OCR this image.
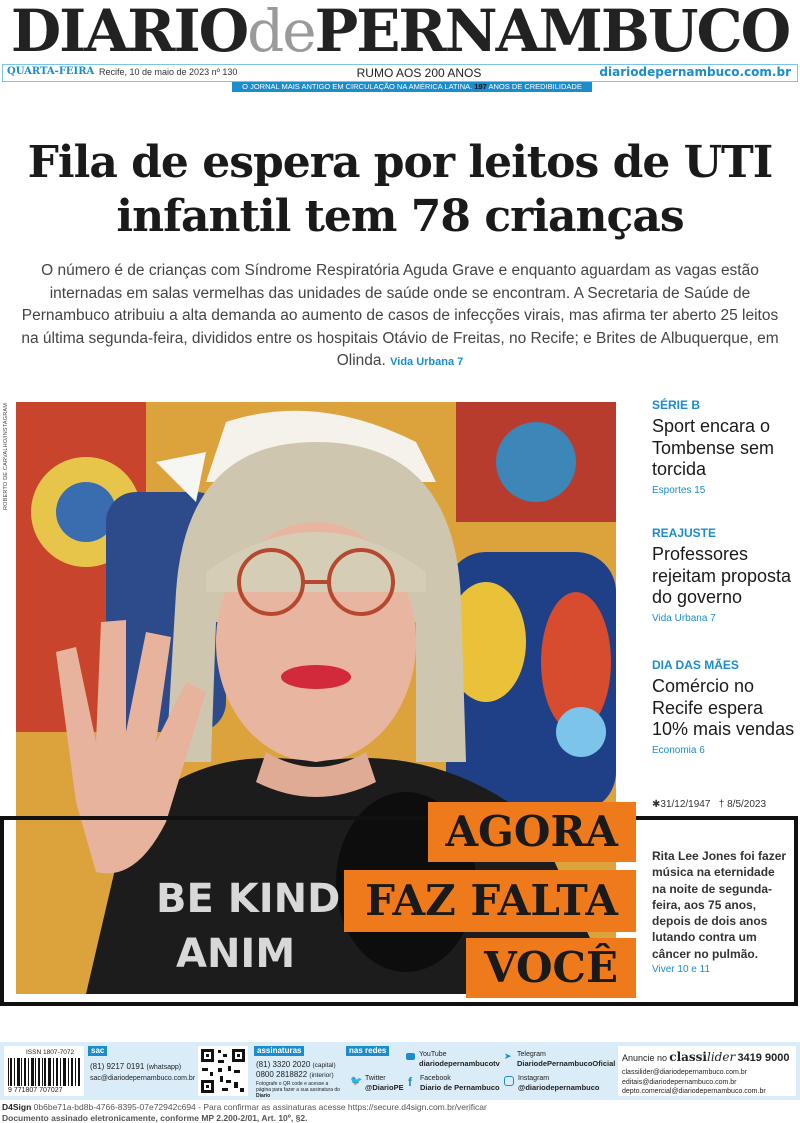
DIARIOdePERNAMBUCO
QUARTA-FEIRA Recife, 10 de maio de 2023 nº 130	RUMO AOS 200 ANOS	diariodepernambuco.com.br
O JORNAL MAIS ANTIGO EM CIRCULAÇÃO NA AMÉRICA LATINA. 197 ANOS DE CREDIBILIDADE
Fila de espera por leitos de UTI
infantil tem 78 crianças
O número é de crianças com Síndrome Respiratória Aguda Grave e enquanto aguardam as vagas estão internadas em salas vermelhas das unidades de saúde onde se encontram. A Secretaria de Saúde de Pernambuco atribuiu a alta demanda ao aumento de casos de infecções virais, mas afirma ter aberto 25 leitos na última segunda-feira, divididos entre os hospitais Otávio de Freitas, no Recife; e Brites de Albuquerque, em Olinda. Vida Urbana 7
ROBERTO DE CARVALHO/INSTAGRAM
BE KIND
ANIM
SÉRIE B
Sport encara o Tombense sem torcida
Esportes 15
REAJUSTE
Professores rejeitam proposta do governo
Vida Urbana 7
DIA DAS MÃES
Comércio no Recife espera 10% mais vendas
Economia 6
✱31/12/1947 † 8/5/2023
AGORA
FAZ FALTA
VOCÊ
Rita Lee Jones foi fazer música na eternidade na noite de segunda-feira, aos 75 anos, depois de dois anos lutando contra um câncer no pulmão.
Viver 10 e 11
ISSN 1807-7072
9 771807 707027
sac
(81) 9217 0191 (whatsapp)
sac@diariodepernambuco.com.br
assinaturas
(81) 3320 2020 (capital)
0800 2818822 (interior)
Fotografe o QR code e acesse a página para fazer a sua assinatura do Diario
nas redes	YouTube
diariodepernambucotv
➤ Telegram
DiariodePernambucoOficial
🐦 Twitter
@DiarioPE f Facebook
Diario de Pernambuco
Instagram
@diariodepernambuco
Anuncie no classilider 3419 9000
classilider@diariodepernambuco.com.br
editais@diariodepernambuco.com.br
depto.comercial@diariodepernambuco.com.br
D4Sign 0b6be71a-bd8b-4766-8395-07e72942c694 - Para confirmar as assinaturas acesse https://secure.d4sign.com.br/verificar
Documento assinado eletronicamente, conforme MP 2.200-2/01, Art. 10º, §2.
